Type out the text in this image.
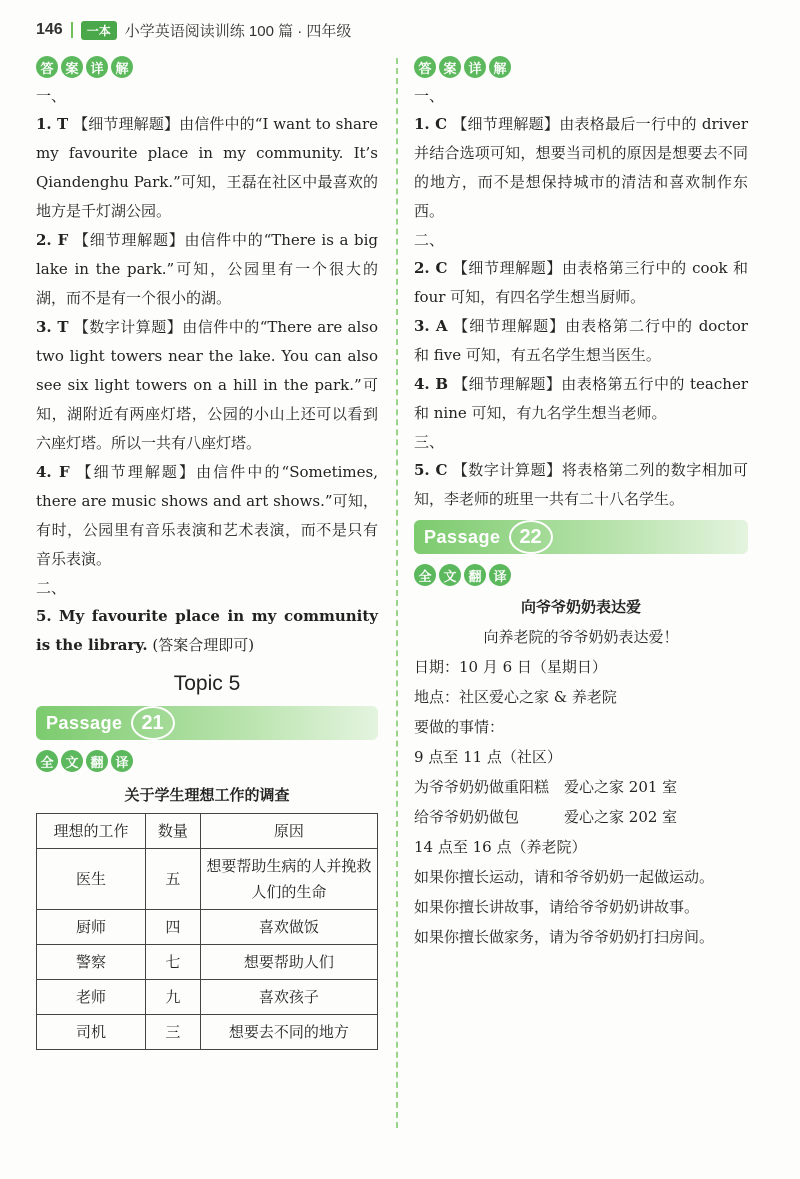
146	一本 小学英语阅读训练 100 篇 · 四年级
答 案 详 解
一、
1. T 【细节理解题】由信件中的“I want to share my favourite place in my community. It’s Qiandenghu Park.”可知，王磊在社区中最喜欢的地方是千灯湖公园。
2. F 【细节理解题】由信件中的“There is a big lake in the park.”可知，公园里有一个很大的湖，而不是有一个很小的湖。
3. T 【数字计算题】由信件中的“There are also two light towers near the lake. You can also see six light towers on a hill in the park.”可知，湖附近有两座灯塔，公园的小山上还可以看到六座灯塔。所以一共有八座灯塔。
4. F 【细节理解题】由信件中的“Sometimes, there are music shows and art shows.”可知，有时，公园里有音乐表演和艺术表演，而不是只有音乐表演。
二、
5. My favourite place in my community is the library. (答案合理即可)
Topic 5
Passage 21
全 文 翻 译
关于学生理想工作的调查
理想的工作	数量	原因
医生	五	想要帮助生病的人并挽救人们的生命
厨师	四	喜欢做饭
警察	七	想要帮助人们
老师	九	喜欢孩子
司机	三	想要去不同的地方
答 案 详 解
一、
1. C 【细节理解题】由表格最后一行中的 driver 并结合选项可知，想要当司机的原因是想要去不同的地方，而不是想保持城市的清洁和喜欢制作东西。
二、
2. C 【细节理解题】由表格第三行中的 cook 和 four 可知，有四名学生想当厨师。
3. A 【细节理解题】由表格第二行中的 doctor 和 five 可知，有五名学生想当医生。
4. B 【细节理解题】由表格第五行中的 teacher 和 nine 可知，有九名学生想当老师。
三、
5. C 【数字计算题】将表格第二列的数字相加可知，李老师的班里一共有二十八名学生。
Passage 22
全 文 翻 译
向爷爷奶奶表达爱
向养老院的爷爷奶奶表达爱！
日期：10 月 6 日（星期日）
地点：社区爱心之家 & 养老院
要做的事情：
9 点至 11 点（社区）
为爷爷奶奶做重阳糕　爱心之家 201 室
给爷爷奶奶做包　　　爱心之家 202 室
14 点至 16 点（养老院）
如果你擅长运动，请和爷爷奶奶一起做运动。
如果你擅长讲故事，请给爷爷奶奶讲故事。
如果你擅长做家务，请为爷爷奶奶打扫房间。
